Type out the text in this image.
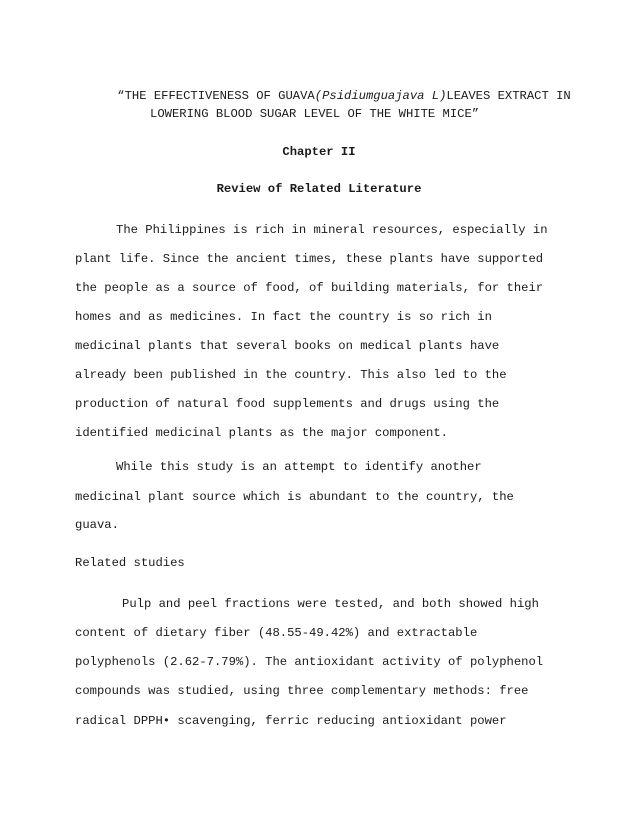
“THE EFFECTIVENESS OF GUAVA(Psidiumguajava L)LEAVES EXTRACT IN

LOWERING BLOOD SUGAR LEVEL OF THE WHITE MICE”
Chapter II
Review of Related Literature
The Philippines is rich in mineral resources, especially in
plant life. Since the ancient times, these plants have supported
the people as a source of food, of building materials, for their
homes and as medicines. In fact the country is so rich in
medicinal plants that several books on medical plants have
already been published in the country. This also led to the
production of natural food supplements and drugs using the
identified medicinal plants as the major component.
While this study is an attempt to identify another
medicinal plant source which is abundant to the country, the
guava.
Related studies
Pulp and peel fractions were tested, and both showed high
content of dietary fiber (48.55-49.42%) and extractable
polyphenols (2.62-7.79%). The antioxidant activity of polyphenol
compounds was studied, using three complementary methods: free
radical DPPH• scavenging, ferric reducing antioxidant power
